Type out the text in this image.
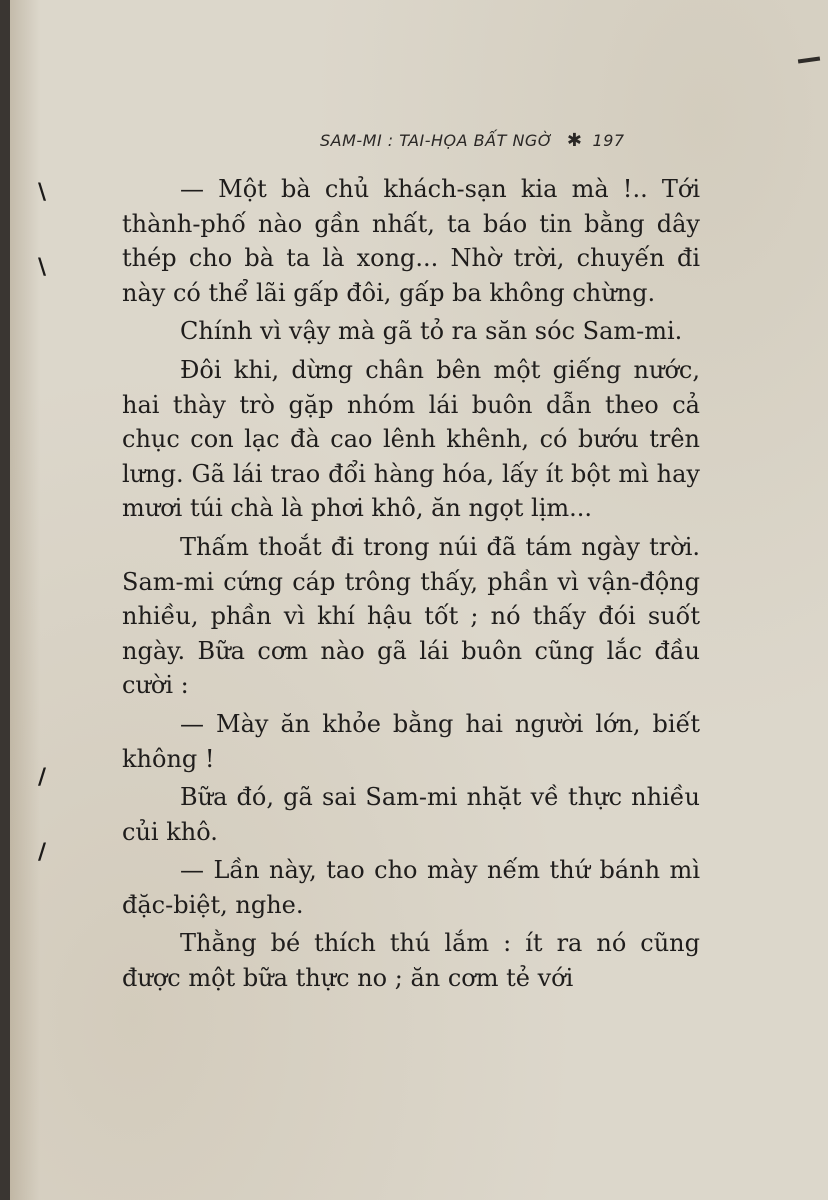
SAM-MI : TAI-HỌA BẤT NGỜ ✱ 197
\
\
/
/

— Một bà chủ khách-sạn kia mà !.. Tới thành-phố nào gần nhất, ta báo tin bằng dây thép cho bà ta là xong... Nhờ trời, chuyến đi này có thể lãi gấp đôi, gấp ba không chừng.

Chính vì vậy mà gã tỏ ra săn sóc Sam-mi.

Đôi khi, dừng chân bên một giếng nước, hai thày trò gặp nhóm lái buôn dẫn theo cả chục con lạc đà cao lênh khênh, có bướu trên lưng. Gã lái trao đổi hàng hóa, lấy ít bột mì hay mươi túi chà là phơi khô, ăn ngọt lịm...

Thấm thoắt đi trong núi đã tám ngày trời. Sam-mi cứng cáp trông thấy, phần vì vận-động nhiều, phần vì khí hậu tốt ; nó thấy đói suốt ngày. Bữa cơm nào gã lái buôn cũng lắc đầu cười :

— Mày ăn khỏe bằng hai người lớn, biết không !

Bữa đó, gã sai Sam-mi nhặt về thực nhiều củi khô.

— Lần này, tao cho mày nếm thứ bánh mì đặc-biệt, nghe.

Thằng bé thích thú lắm : ít ra nó cũng được một bữa thực no ; ăn cơm tẻ với
